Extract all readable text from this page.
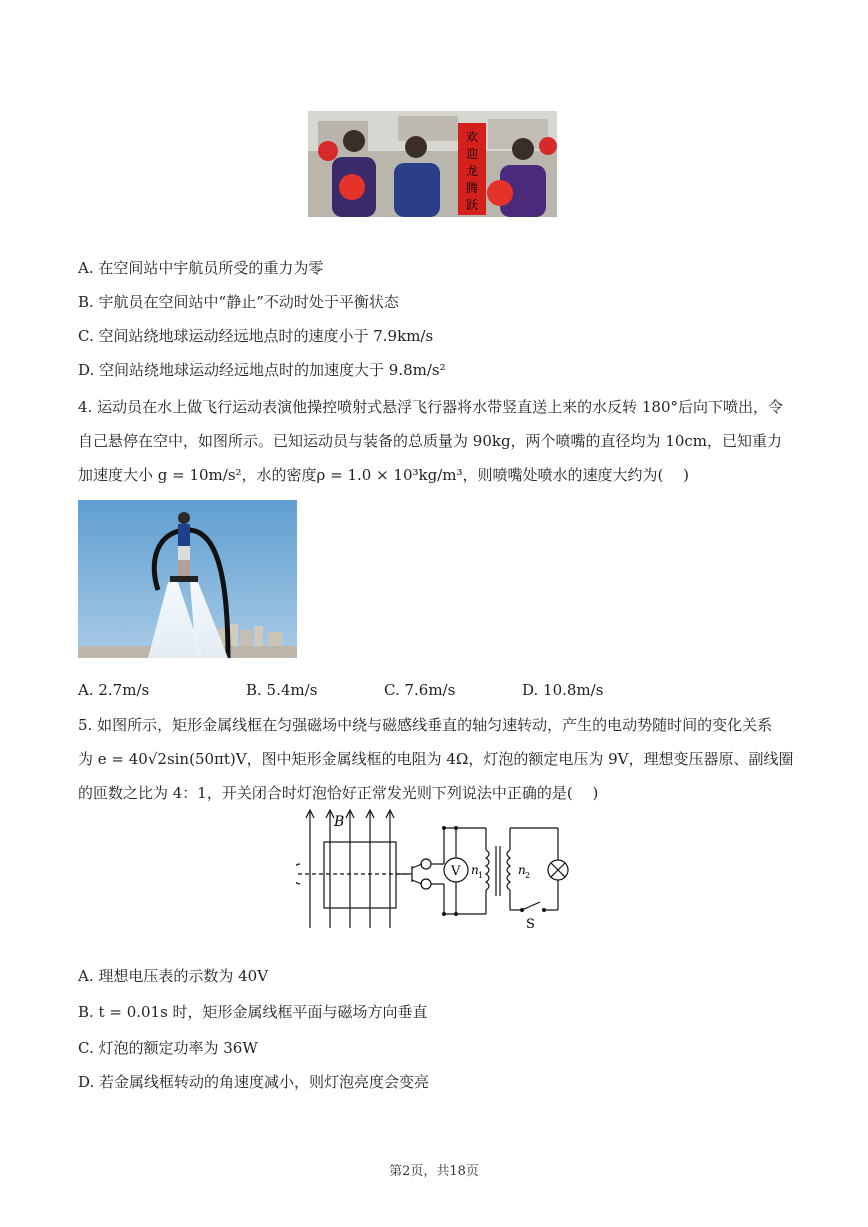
欢
迎
龙
腾
跃
A. 在空间站中宇航员所受的重力为零
B. 宇航员在空间站中“静止”不动时处于平衡状态
C. 空间站绕地球运动经远地点时的速度小于 7.9km/s
D. 空间站绕地球运动经远地点时的加速度大于 9.8m/s²
4. 运动员在水上做飞行运动表演他操控喷射式悬浮飞行器将水带竖直送上来的水反转 180°后向下喷出，令
自己悬停在空中，如图所示。已知运动员与装备的总质量为 90kg，两个喷嘴的直径均为 10cm，已知重力
加速度大小 g = 10m/s²，水的密度ρ = 1.0 × 10³kg/m³，则喷嘴处喷水的速度大约为(　 )
A. 2.7m/s	B. 5.4m/s	C. 7.6m/s	D. 10.8m/s
5. 如图所示，矩形金属线框在匀强磁场中绕与磁感线垂直的轴匀速转动，产生的电动势随时间的变化关系
为 e = 40√2sin(50πt)V，图中矩形金属线框的电阻为 4Ω，灯泡的额定电压为 9V，理想变压器原、副线圈
的匝数之比为 4：1，开关闭合时灯泡恰好正常发光则下列说法中正确的是(　 )
B
V n 1	n 2
S
A. 理想电压表的示数为 40V
B. t = 0.01s 时，矩形金属线框平面与磁场方向垂直
C. 灯泡的额定功率为 36W
D. 若金属线框转动的角速度减小，则灯泡亮度会变亮
第2页，共18页
